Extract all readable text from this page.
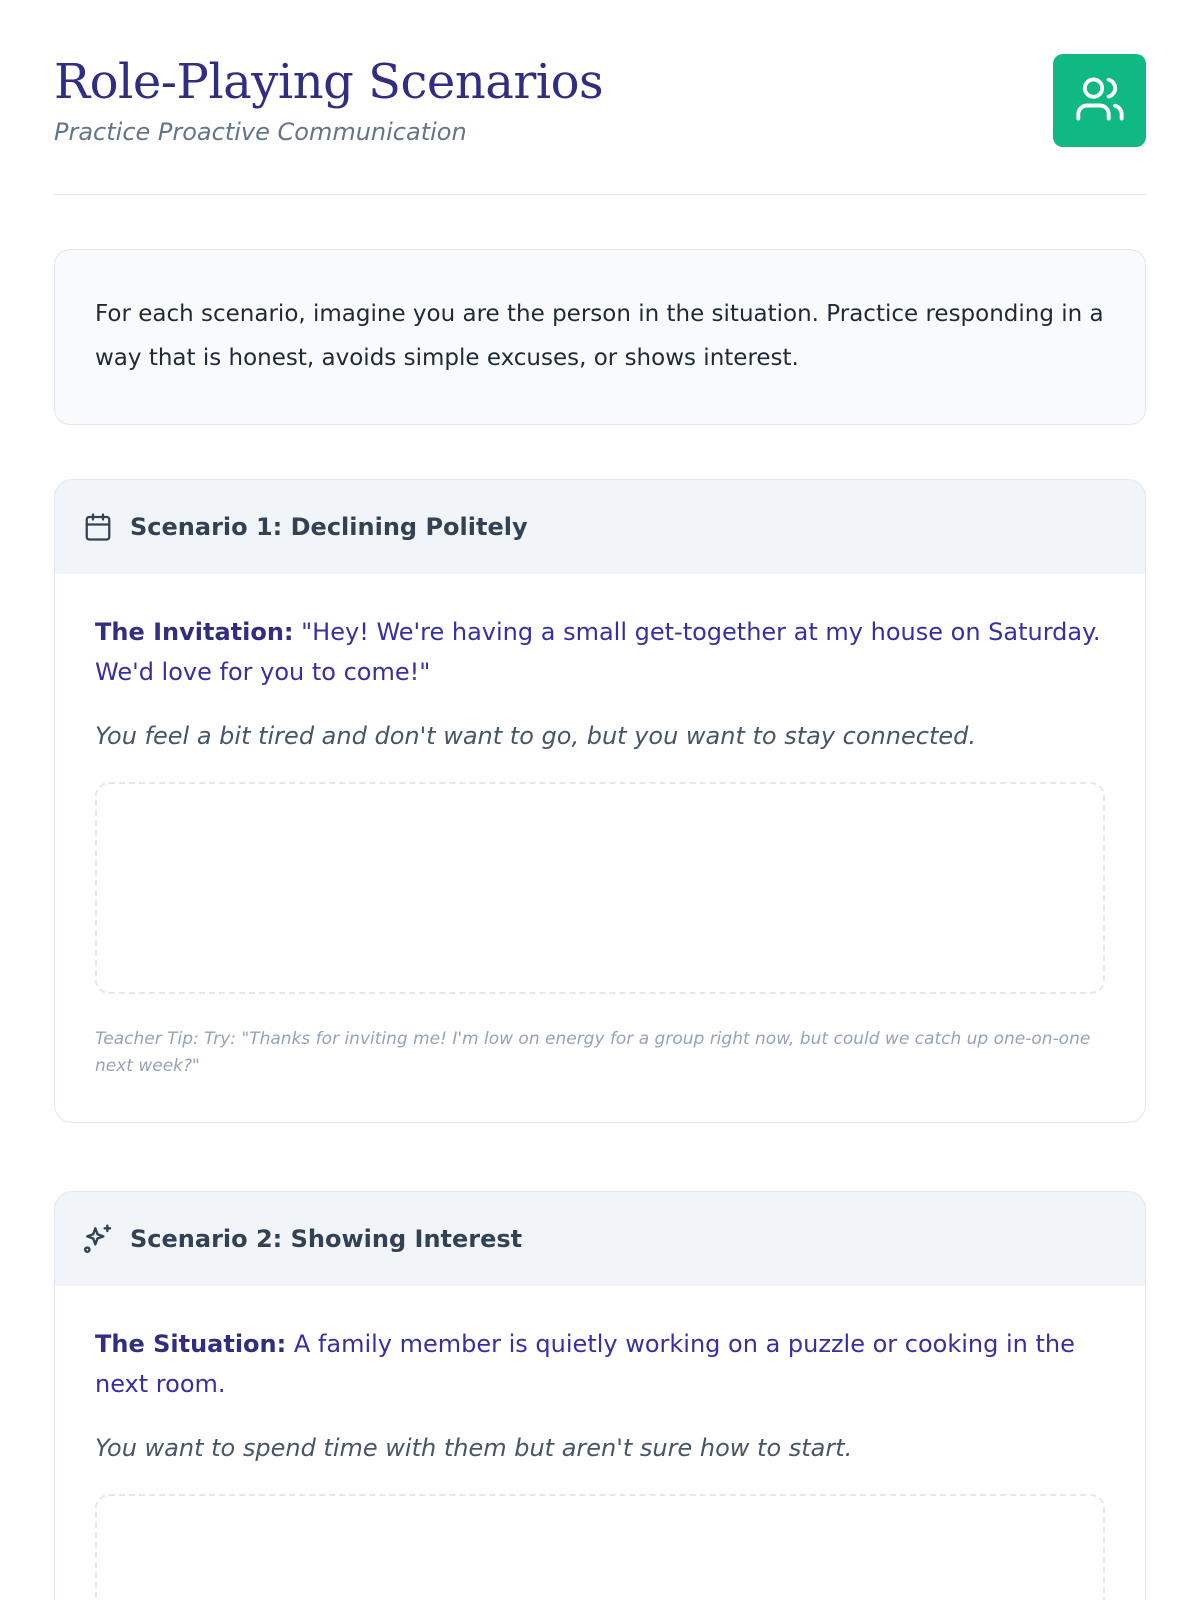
Role-Playing Scenarios
Practice Proactive Communication

For each scenario, imagine you are the person in the situation. Practice responding in a way that is honest, avoids simple excuses, or shows interest.

Scenario 1: Declining Politely

The Invitation: "Hey! We're having a small get-together at my house on Saturday. We'd love for you to come!"

You feel a bit tired and don't want to go, but you want to stay connected.

Teacher Tip: Try: "Thanks for inviting me! I'm low on energy for a group right now, but could we catch up one-on-one next week?"

Scenario 2: Showing Interest

The Situation: A family member is quietly working on a puzzle or cooking in the next room.

You want to spend time with them but aren't sure how to start.
